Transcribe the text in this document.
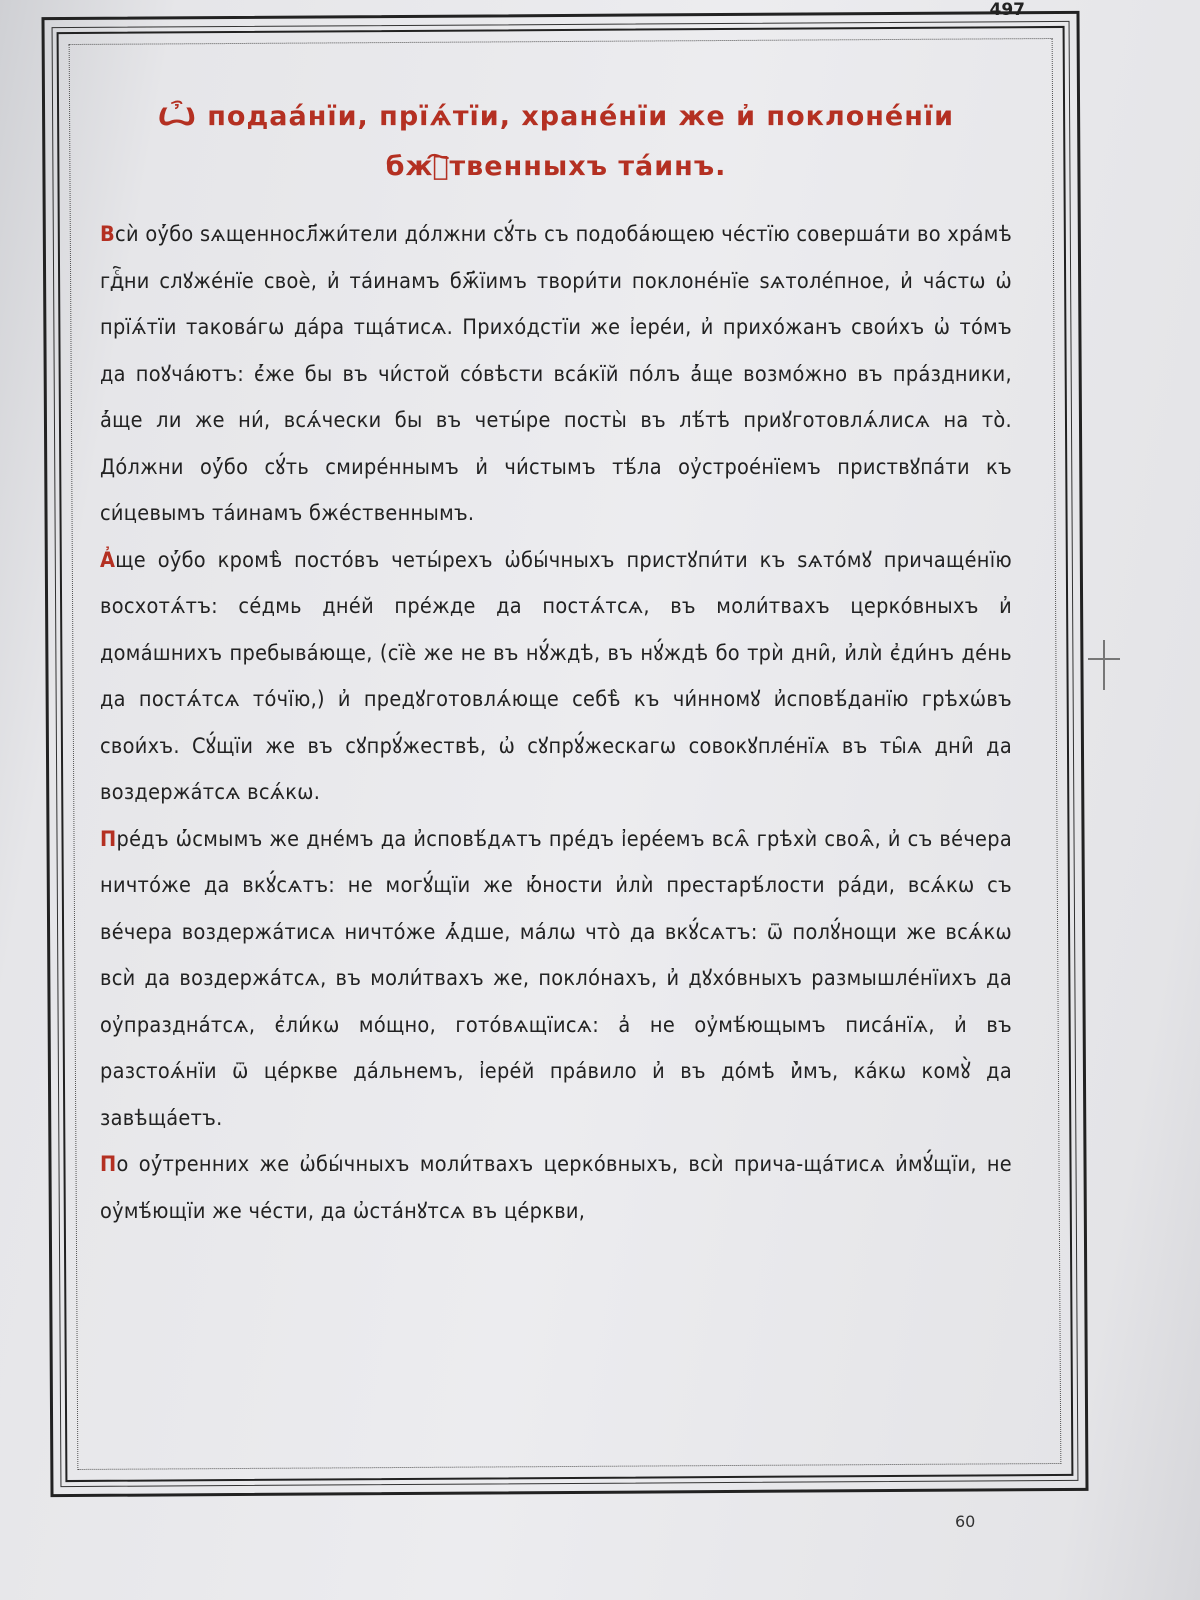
497
Ѽ подаа́нїи, прїѧ́тїи, хране́нїи же и҆ поклоне́нїи бжⷭ҇твенныхъ та́инъ.

Всѝ оу҆́бо ѕѧщенносл҃жи́тели до́лжни сꙋ́ть съ подоба́ющею че́стїю соверша́ти во хра́мѣ гдⷭ҇ни слꙋже́нїе своѐ, и҆ та́инамъ бж҃їимъ твори́ти поклоне́нїе ѕѧтоле́пное, и҆ ча́стѡ ѡ҆ прїѧ́тїи такова́гѡ да́ра тща́тисѧ. Прихо́дстїи же і҆ере́и, и҆ прихо́жанъ свои́хъ ѡ҆ то́мъ да поꙋча́ютъ: є҆́же бы въ чи́стой со́вѣсти вса́кїй по́лъ а҆́ще возмо́жно въ пра́здники, а҆́ще ли же ни́, всѧ́чески бы въ четы́ре посты̀ въ лѣ́тѣ приꙋготовлѧ́лисѧ на то̀. До́лжни оу҆́бо сꙋ́ть смире́ннымъ и҆ чи́стымъ тѣ́ла оу҆строе́нїемъ приствꙋпа́ти къ си́цевымъ та́инамъ бже́ственнымъ.

А҆ще оу҆́бо кромѣ̀ посто́въ четы́рехъ ѡ҆бы́чныхъ пристꙋпи́ти къ ѕѧто́мꙋ причаще́нїю восхотѧ́тъ: се́дмь дне́й пре́жде да постѧ́тсѧ, въ моли́твахъ церко́вныхъ и҆ дома́шнихъ пребыва́юще, (сїѐ же не въ нꙋ́ждѣ, въ нꙋ́ждѣ бо трѝ дни̑, и҆лѝ є҆ди́нъ де́нь да постѧ́тсѧ то́чїю,) и҆ предꙋготовлѧ́юще себѣ̀ къ чи́нномꙋ и҆сповѣ́данїю грѣхѡ́въ свои́хъ. Сꙋ́щїи же въ сꙋпрꙋ́жествѣ, ѡ҆ сꙋпрꙋ́жескагѡ совокꙋпле́нїѧ въ ты̑ѧ дни̑ да воздержа́тсѧ всѧ́кѡ.

Пре́дъ ѡ҆́смымъ же дне́мъ да и҆сповѣ́дѧтъ пре́дъ і҆ере́емъ всѧ̑ грѣхѝ своѧ̑, и҆ съ ве́чера ничто́же да вкꙋ́сѧтъ: не могꙋ́щїи же ю҆́ности и҆лѝ престарѣ́лости ра́ди, всѧ́кѡ съ ве́чера воздержа́тисѧ ничто́же ѧ҆́дше, ма́лѡ что̀ да вкꙋ́сѧтъ: ѿ полꙋ́нощи же всѧ́кѡ всѝ да воздержа́тсѧ, въ моли́твахъ же, покло́нахъ, и҆ дꙋхо́вныхъ размышле́нїихъ да оу҆праздна́тсѧ, є҆ли́кѡ мо́щно, гото́вѧщїисѧ: а҆ не оу҆мѣ́ющымъ писа́нїѧ, и҆ въ разстоѧ́нїи ѿ це́ркве да́льнемъ, і҆ере́й пра́вило и҆ въ до́мѣ и҆̀мъ, ка́кѡ комꙋ̀ да завѣща́етъ.

По оу҆́тренних же ѡ҆бы́чныхъ моли́твахъ церко́вныхъ, всѝ прича-ща́тисѧ и҆мꙋ́щїи, не оу҆мѣ́ющїи же че́сти, да ѡ҆ста́нꙋтсѧ въ це́ркви,

60
